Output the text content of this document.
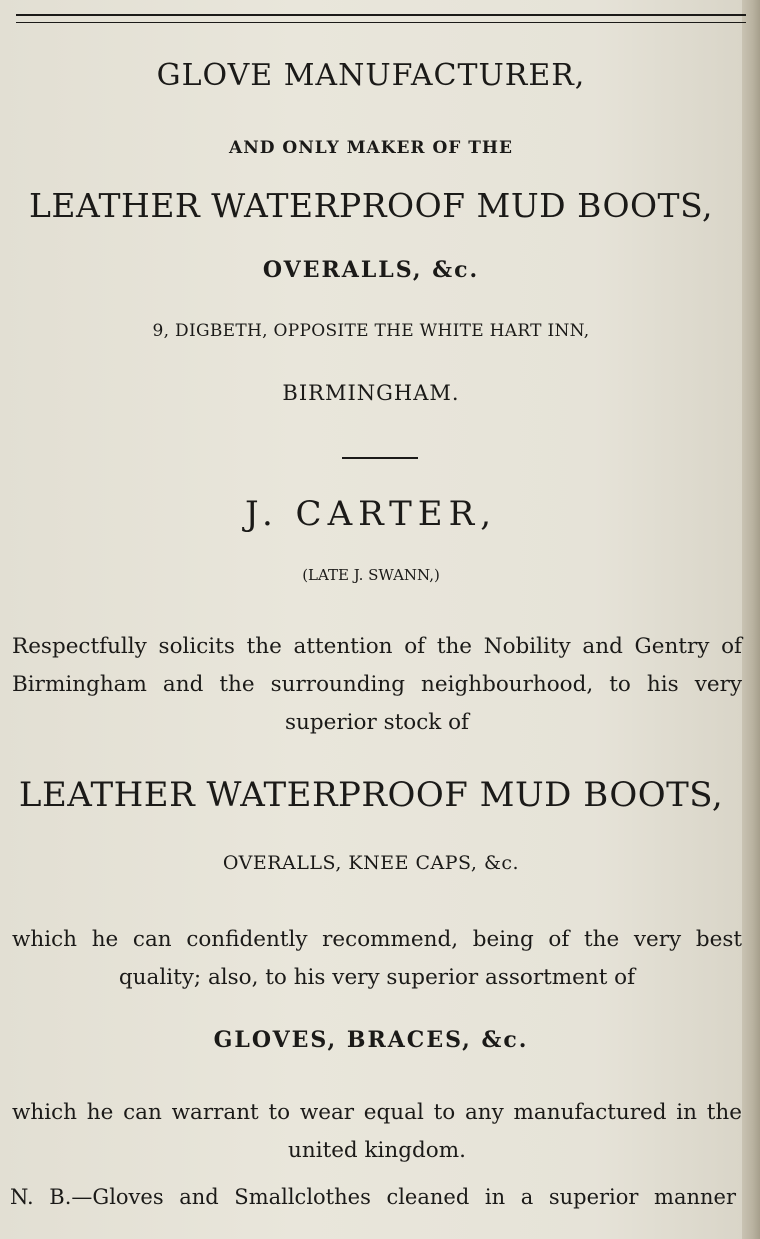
GLOVE MANUFACTURER,
AND ONLY MAKER OF THE
LEATHER WATERPROOF MUD BOOTS,
OVERALLS, &c.
9, DIGBETH, OPPOSITE THE WHITE HART INN,
BIRMINGHAM.
J. CARTER,
(LATE J. SWANN,)
Respectfully solicits the attention of the Nobility and Gentry of
Birmingham and the surrounding neighbourhood, to his very
superior stock of
LEATHER WATERPROOF MUD BOOTS,
OVERALLS, KNEE CAPS, &c.
which he can confidently recommend, being of the very best
quality; also, to his very superior assortment of
GLOVES, BRACES, &c.
which he can warrant to wear equal to any manufactured in the
united kingdom.
N. B.—Gloves and Smallclothes cleaned in a superior manner
